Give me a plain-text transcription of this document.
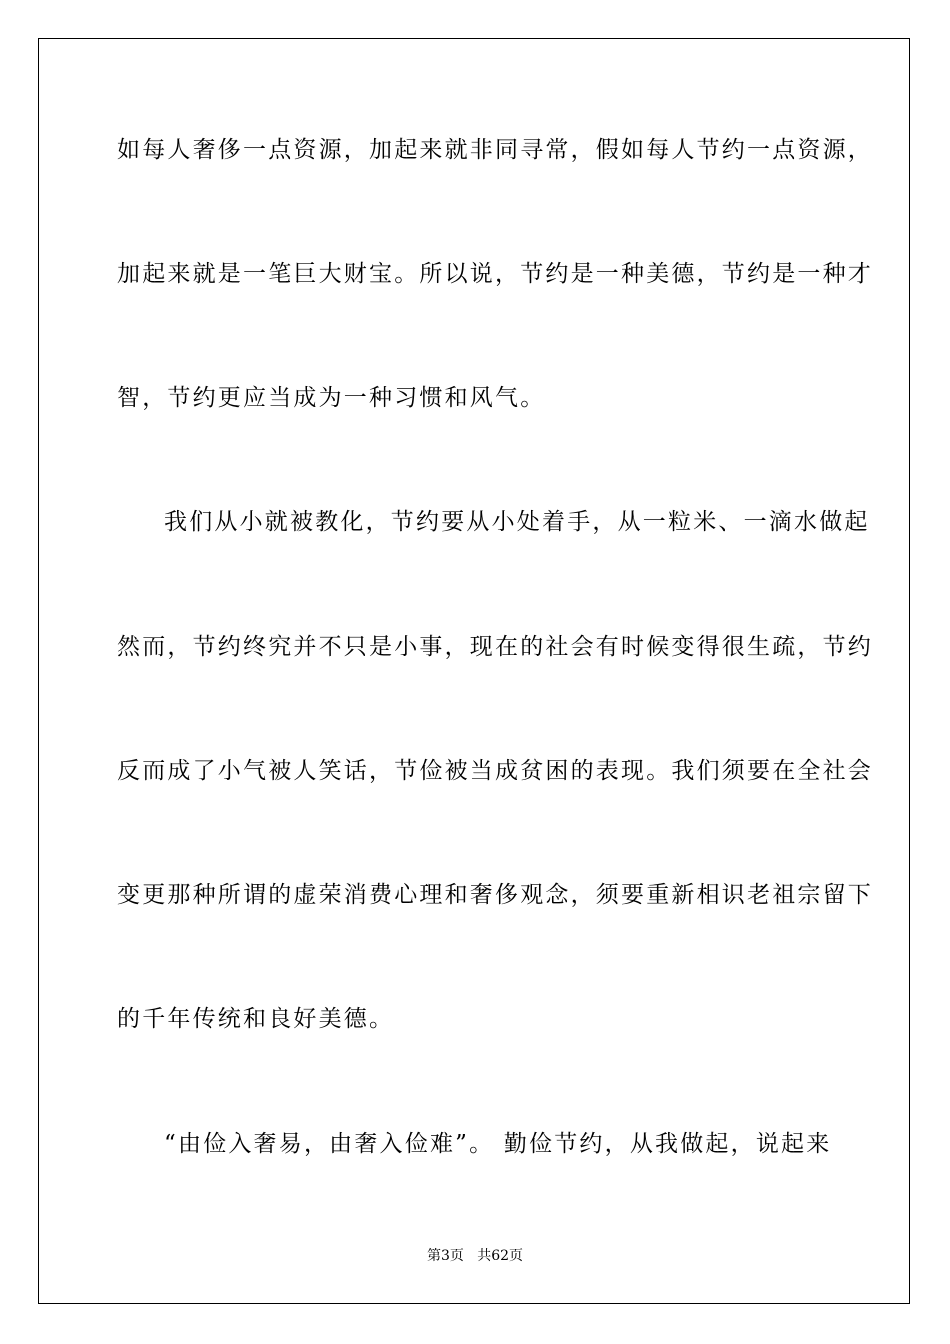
如每人奢侈一点资源，加起来就非同寻常，假如每人节约一点资源，
加起来就是一笔巨大财宝。所以说，节约是一种美德，节约是一种才
智，节约更应当成为一种习惯和风气。
我们从小就被教化，节约要从小处着手，从一粒米、一滴水做起
然而，节约终究并不只是小事，现在的社会有时候变得很生疏，节约
反而成了小气被人笑话，节俭被当成贫困的表现。我们须要在全社会
变更那种所谓的虚荣消费心理和奢侈观念，须要重新相识老祖宗留下
的千年传统和良好美德。
“由俭入奢易，由奢入俭难”。 勤俭节约，从我做起，说起来
第3页   共62页
